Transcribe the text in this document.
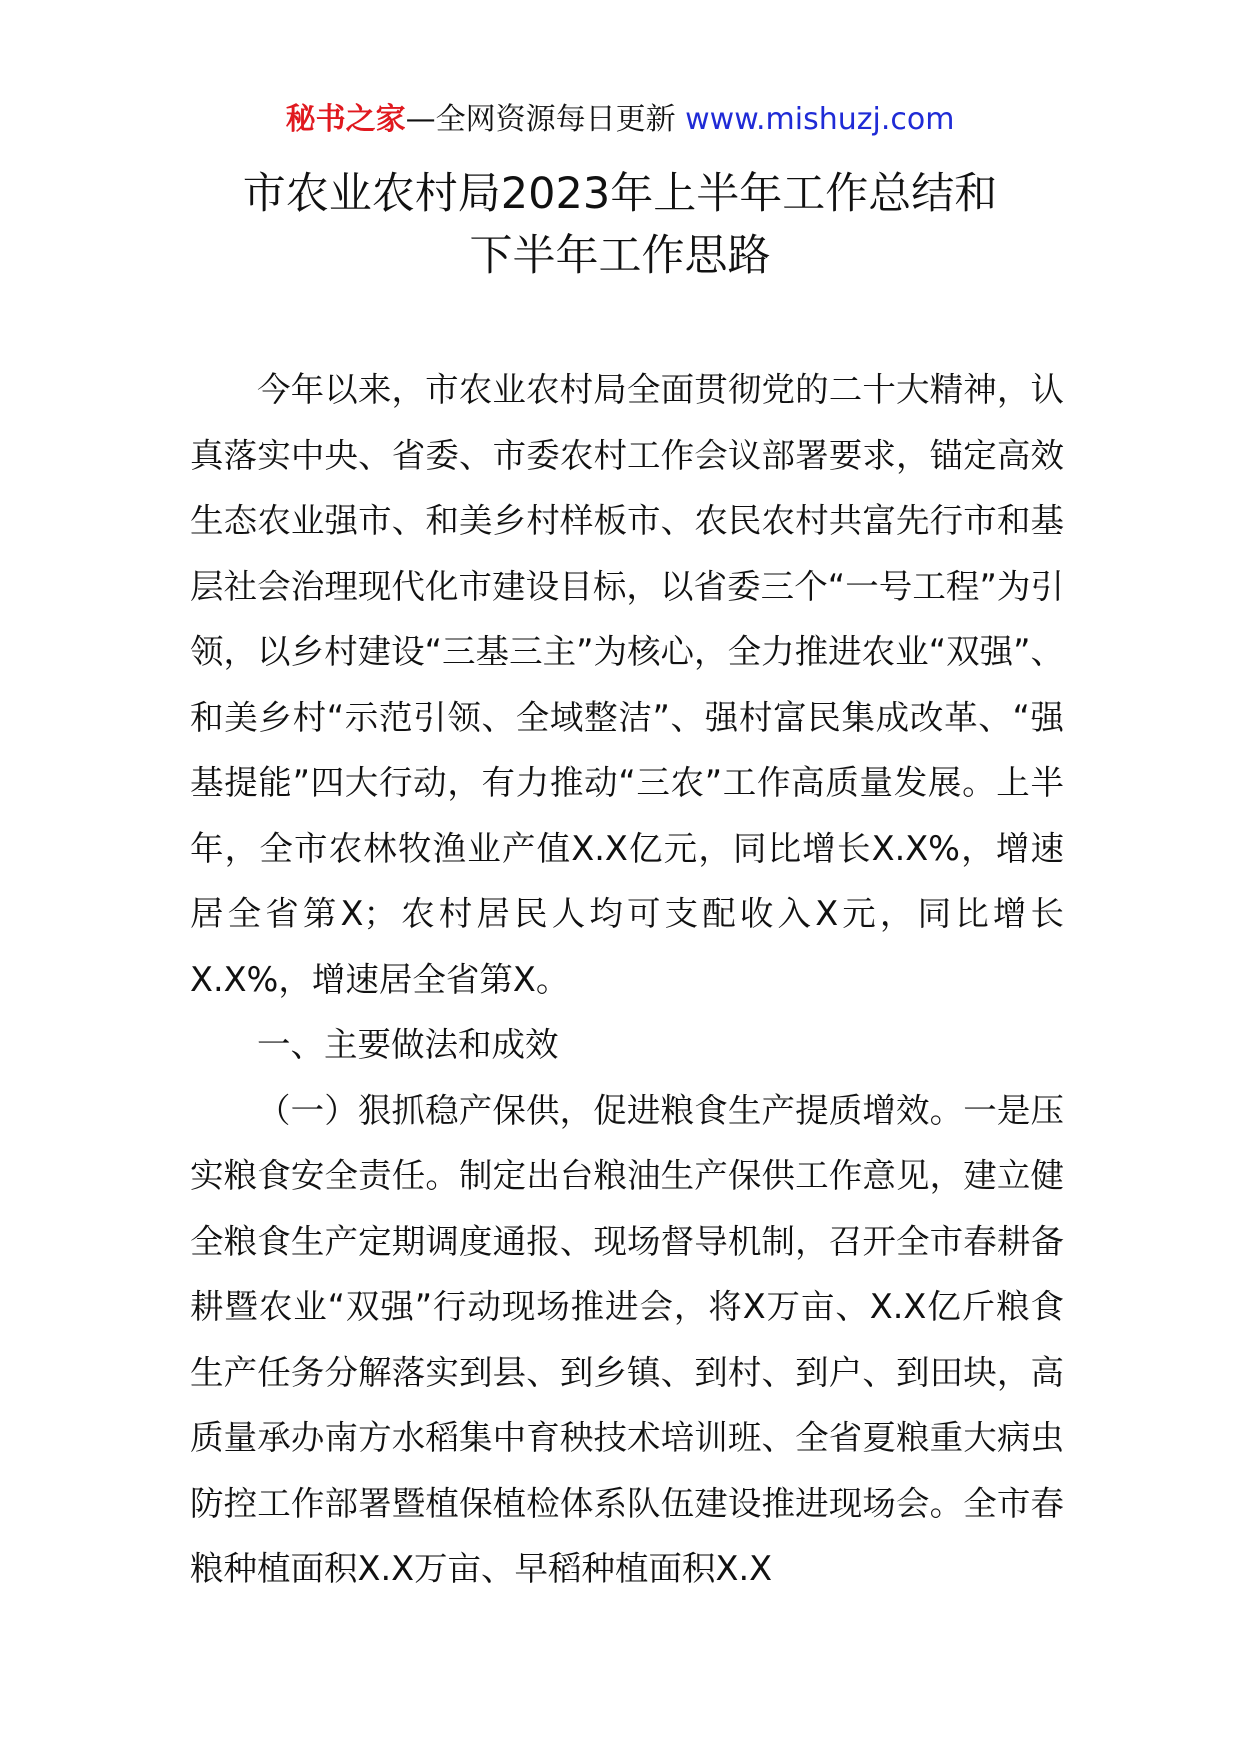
秘书之家—全网资源每日更新 www.mishuzj.com
市农业农村局2023年上半年工作总结和
下半年工作思路

今年以来，市农业农村局全面贯彻党的二十大精神，认真落实中央、省委、市委农村工作会议部署要求，锚定高效生态农业强市、和美乡村样板市、农民农村共富先行市和基层社会治理现代化市建设目标，以省委三个“一号工程”为引领，以乡村建设“三基三主”为核心，全力推进农业“双强”、和美乡村“示范引领、全域整洁”、强村富民集成改革、“强基提能”四大行动，有力推动“三农”工作高质量发展。上半年，全市农林牧渔业产值X.X亿元，同比增长X.X%，增速居全省第X；农村居民人均可支配收入X元，同比增长X.X%，增速居全省第X。

一、主要做法和成效

（一）狠抓稳产保供，促进粮食生产提质增效。一是压实粮食安全责任。制定出台粮油生产保供工作意见，建立健全粮食生产定期调度通报、现场督导机制，召开全市春耕备耕暨农业“双强”行动现场推进会，将X万亩、X.X亿斤粮食生产任务分解落实到县、到乡镇、到村、到户、到田块，高质量承办南方水稻集中育秧技术培训班、全省夏粮重大病虫防控工作部署暨植保植检体系队伍建设推进现场会。全市春粮种植面积X.X万亩、早稻种植面积X.X
